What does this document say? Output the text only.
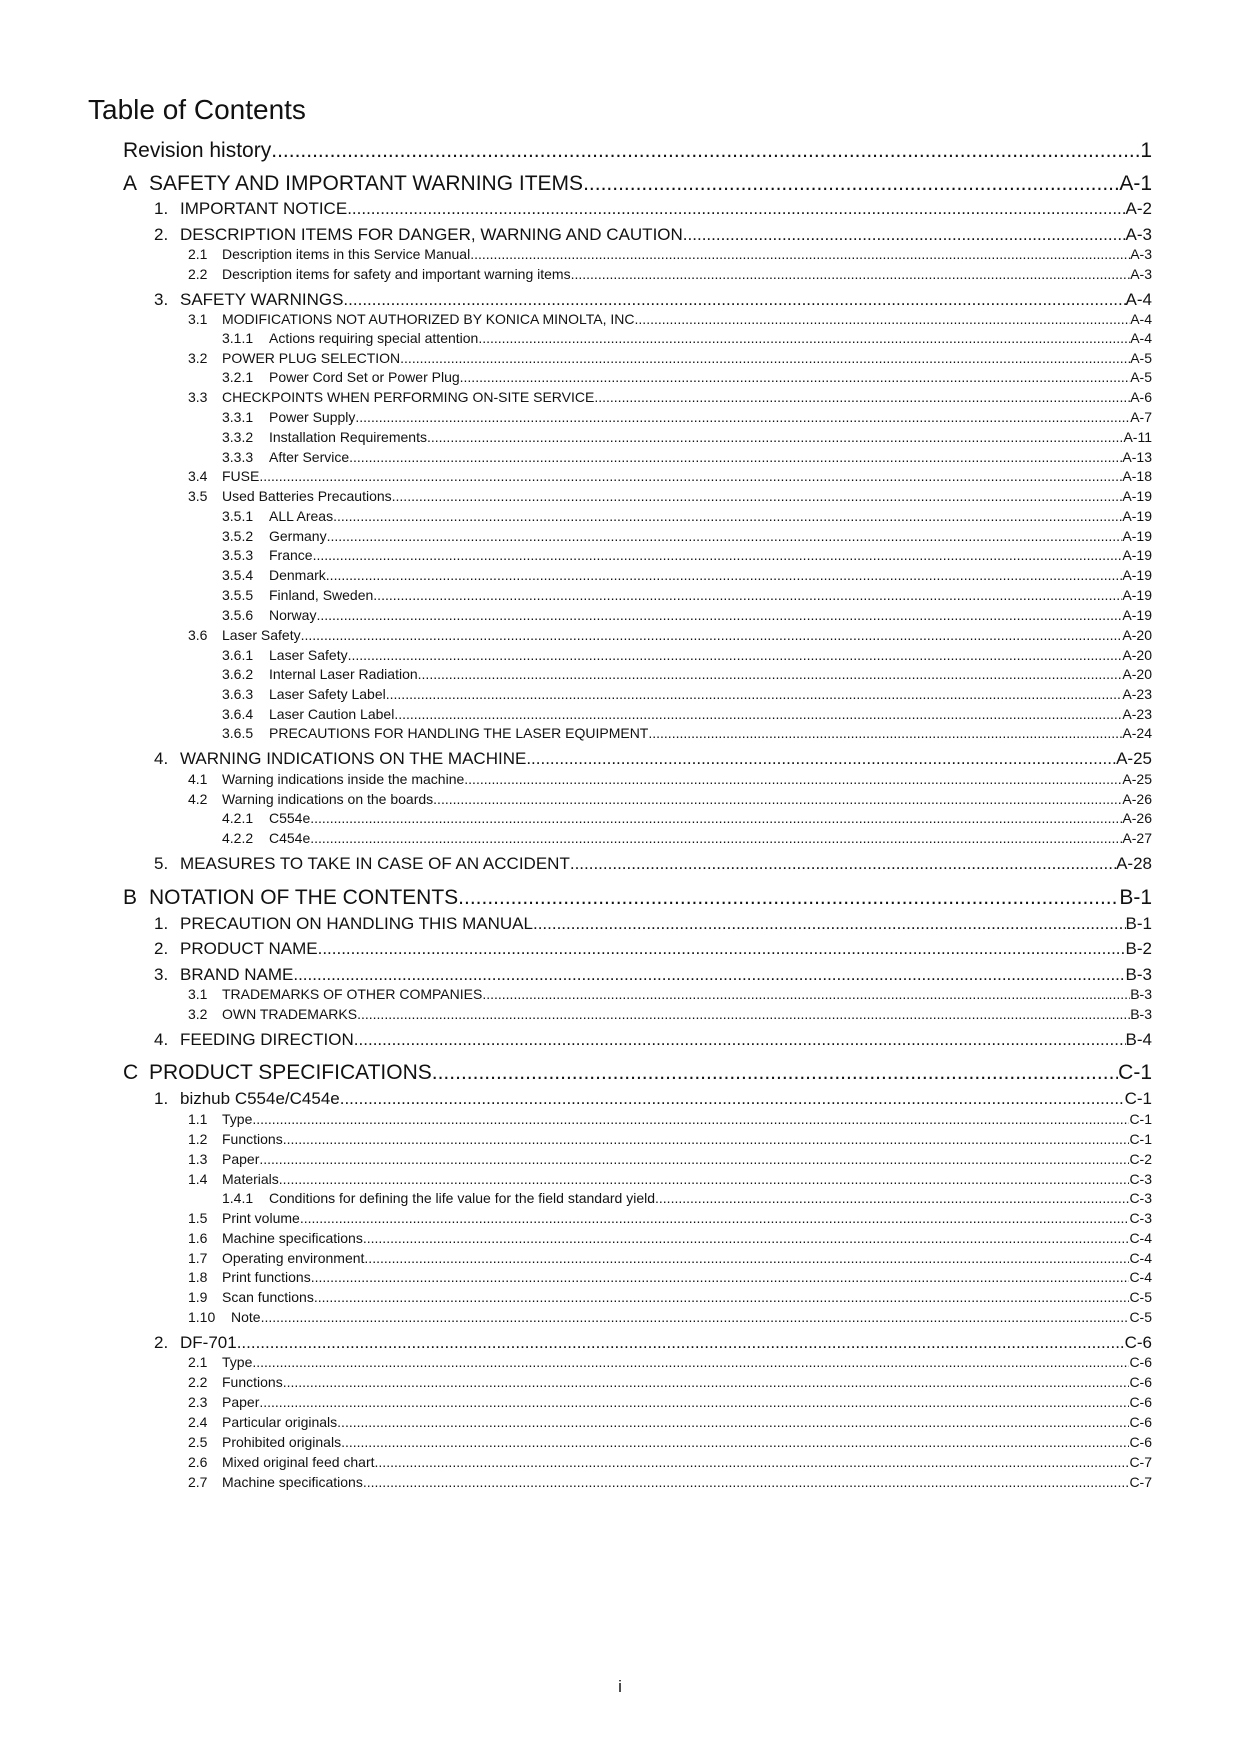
Table of Contents
Revision history .....	1
A SAFETY AND IMPORTANT WARNING ITEMS .....	A-1
1. IMPORTANT NOTICE .....	A-2
2. DESCRIPTION ITEMS FOR DANGER, WARNING AND CAUTION .....	A-3
2.1	Description items in this Service Manual .....	A-3
2.2	Description items for safety and important warning items .....	A-3
3. SAFETY WARNINGS .....	A-4
3.1	MODIFICATIONS NOT AUTHORIZED BY KONICA MINOLTA, INC .....	A-4
3.1.1	Actions requiring special attention .....	A-4
3.2	POWER PLUG SELECTION .....	A-5
3.2.1	Power Cord Set or Power Plug .....	A-5
3.3	CHECKPOINTS WHEN PERFORMING ON-SITE SERVICE .....	A-6
3.3.1	Power Supply .....	A-7
3.3.2	Installation Requirements .....	A-11
3.3.3	After Service .....	A-13
3.4	FUSE .....	A-18
3.5	Used Batteries Precautions .....	A-19
3.5.1	ALL Areas .....	A-19
3.5.2	Germany .....	A-19
3.5.3	France .....	A-19
3.5.4	Denmark .....	A-19
3.5.5	Finland, Sweden .....	A-19
3.5.6	Norway .....	A-19
3.6	Laser Safety .....	A-20
3.6.1	Laser Safety .....	A-20
3.6.2	Internal Laser Radiation .....	A-20
3.6.3	Laser Safety Label .....	A-23
3.6.4	Laser Caution Label .....	A-23
3.6.5	PRECAUTIONS FOR HANDLING THE LASER EQUIPMENT .....	A-24
4. WARNING INDICATIONS ON THE MACHINE .....	A-25
4.1	Warning indications inside the machine .....	A-25
4.2	Warning indications on the boards .....	A-26
4.2.1	C554e .....	A-26
4.2.2	C454e .....	A-27
5. MEASURES TO TAKE IN CASE OF AN ACCIDENT .....	A-28
B NOTATION OF THE CONTENTS .....	B-1
1. PRECAUTION ON HANDLING THIS MANUAL .....	B-1
2. PRODUCT NAME .....	B-2
3. BRAND NAME .....	B-3
3.1	TRADEMARKS OF OTHER COMPANIES .....	B-3
3.2	OWN TRADEMARKS .....	B-3
4. FEEDING DIRECTION .....	B-4
C PRODUCT SPECIFICATIONS .....	C-1
1. bizhub C554e/C454e .....	C-1
1.1	Type .....	C-1
1.2	Functions .....	C-1
1.3	Paper .....	C-2
1.4	Materials .....	C-3
1.4.1	Conditions for defining the life value for the field standard yield .....	C-3
1.5	Print volume .....	C-3
1.6	Machine specifications .....	C-4
1.7	Operating environment .....	C-4
1.8	Print functions .....	C-4
1.9	Scan functions .....	C-5
1.10	Note .....	C-5
2. DF-701 .....	C-6
2.1	Type .....	C-6
2.2	Functions .....	C-6
2.3	Paper .....	C-6
2.4	Particular originals .....	C-6
2.5	Prohibited originals .....	C-6
2.6	Mixed original feed chart .....	C-7
2.7	Machine specifications .....	C-7
i
